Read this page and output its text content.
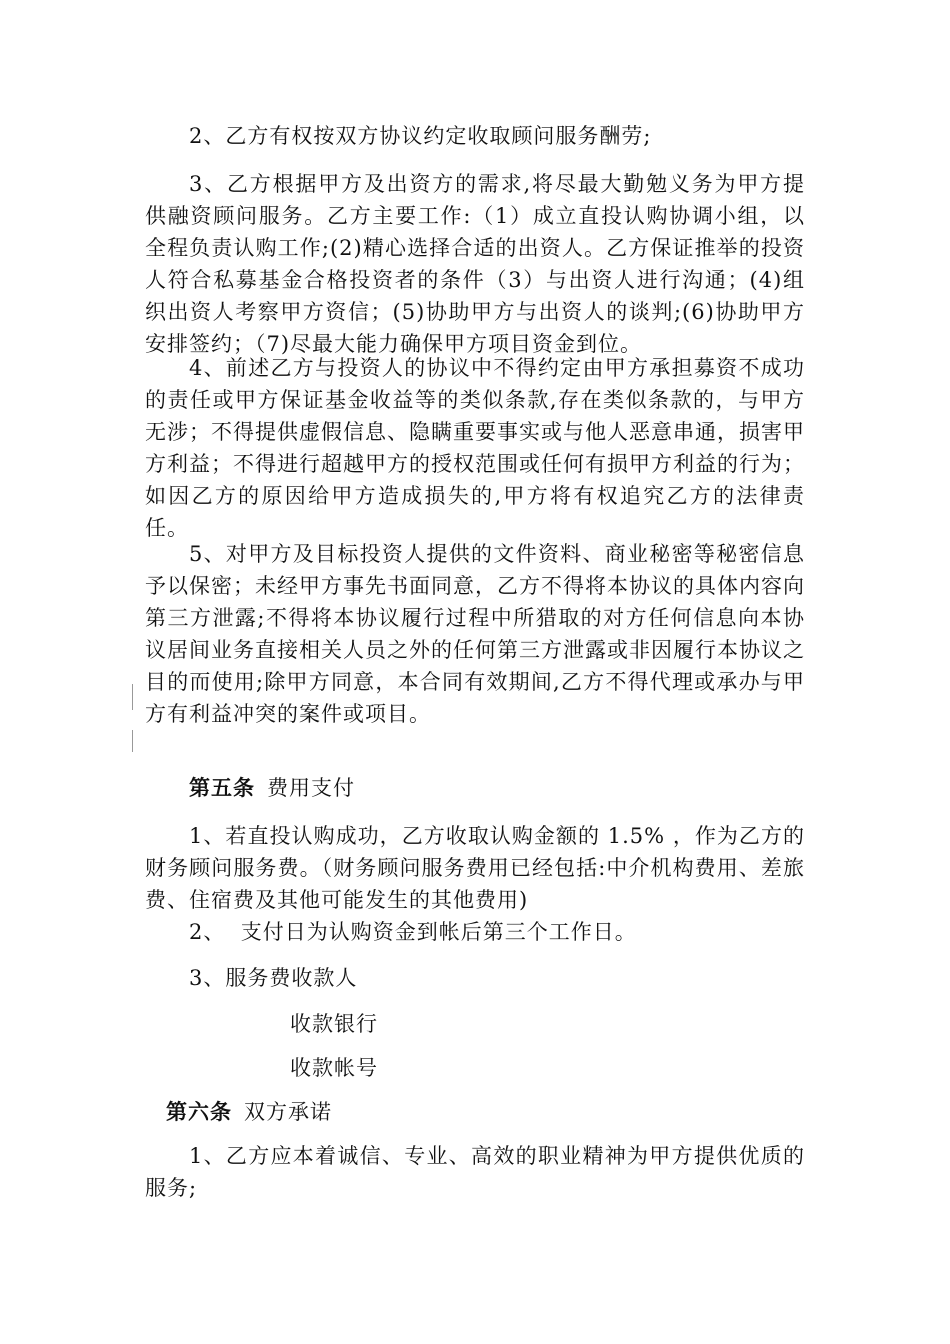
2、乙方有权按双方协议约定收取顾问服务酬劳;

3、乙方根据甲方及出资方的需求,将尽最大勤勉义务为甲方提供融资顾问服务。乙方主要工作:（1）成立直投认购协调小组，以全程负责认购工作;(2)精心选择合适的出资人。乙方保证推举的投资人符合私募基金合格投资者的条件（3）与出资人进行沟通；(4)组织出资人考察甲方资信；(5)协助甲方与出资人的谈判;(6)协助甲方安排签约；（7)尽最大能力确保甲方项目资金到位。

4、前述乙方与投资人的协议中不得约定由甲方承担募资不成功的责任或甲方保证基金收益等的类似条款,存在类似条款的，与甲方无涉；不得提供虚假信息、隐瞒重要事实或与他人恶意串通，损害甲方利益；不得进行超越甲方的授权范围或任何有损甲方利益的行为；如因乙方的原因给甲方造成损失的,甲方将有权追究乙方的法律责任。

5、对甲方及目标投资人提供的文件资料、商业秘密等秘密信息予以保密；未经甲方事先书面同意，乙方不得将本协议的具体内容向第三方泄露;不得将本协议履行过程中所猎取的对方任何信息向本协议居间业务直接相关人员之外的任何第三方泄露或非因履行本协议之目的而使用;除甲方同意，本合同有效期间,乙方不得代理或承办与甲方有利益冲突的案件或项目。

第五条 费用支付

1、若直投认购成功，乙方收取认购金额的 1.5% ，作为乙方的财务顾问服务费。（财务顾问服务费用已经包括:中介机构费用、差旅费、住宿费及其他可能发生的其他费用)

2、  支付日为认购资金到帐后第三个工作日。

3、服务费收款人

收款银行

收款帐号

第六条 双方承诺

1、乙方应本着诚信、专业、高效的职业精神为甲方提供优质的服务;
